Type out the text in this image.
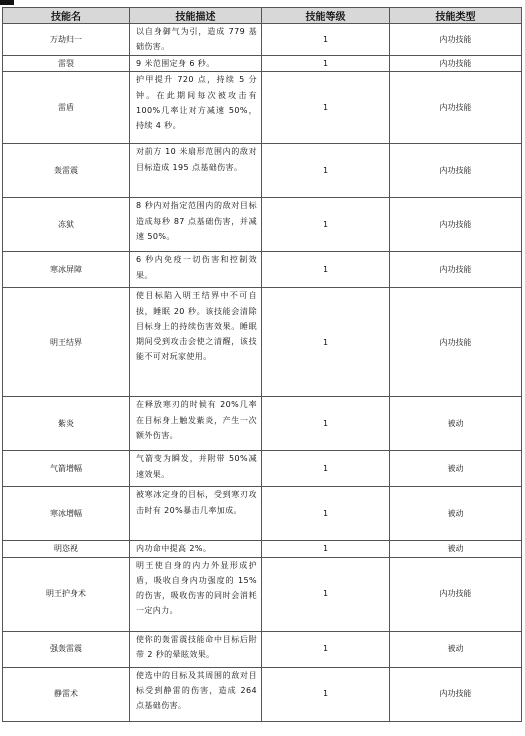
技能名	技能描述	技能等级	技能类型
万劫归一	以自身御气为引，造成 779 基础伤害。	1	内功技能
雷裂	9 米范围定身 6 秒。	1	内功技能
雷盾	护甲提升 720 点，持续 5 分钟。在此期间每次被攻击有 100%几率让对方减速 50%，持续 4 秒。	1	内功技能
轰雷震	对前方 10 米扇形范围内的敌对目标造成 195 点基础伤害。	1	内功技能
冻狱	8 秒内对指定范围内的敌对目标造成每秒 87 点基础伤害，并减速 50%。	1	内功技能
寒冰屏障	6 秒内免疫一切伤害和控制效果。	1	内功技能
明王结界	使目标陷入明王结界中不可自拔，睡眠 20 秒。该技能会清除目标身上的持续伤害效果。睡眠期间受到攻击会使之清醒，该技能不可对玩家使用。	1	内功技能
紫炎	在释放寒刃的时候有 20%几率在目标身上触发紫炎，产生一次额外伤害。	1	被动
气箭增幅	气箭变为瞬发，并附带 50%减速效果。	1	被动
寒冰增幅	被寒冰定身的目标，受到寒刃攻击时有 20%暴击几率加成。	1	被动
明恣视	内功命中提高 2%。	1	被动
明王护身术	明王使自身的内力外显形成护盾，吸收自身内功强度的 15%的伤害，吸收伤害的同时会消耗一定内力。	1	内功技能
强轰雷震	使你的轰雷震技能命中目标后附带 2 秒的晕眩效果。	1	被动
静雷术	使选中的目标及其周围的敌对目标受到静雷的伤害，造成 264 点基础伤害。	1	内功技能
